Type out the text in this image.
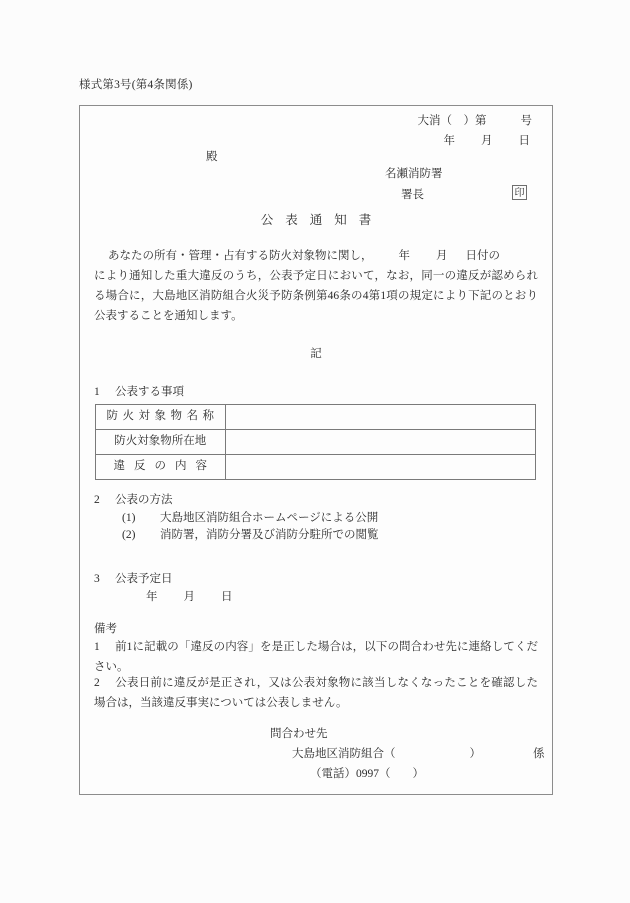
様式第3号(第4条関係)
大消（　）第	号
年 月 日
殿
名瀬消防署
署長	印
公表通知書
あなたの所有・管理・占有する防火対象物に関し， 年 月 日付の
により通知した重大違反のうち，公表予定日において，なお，同一の違反が認められる場合に，大島地区消防組合火災予防条例第46条の4第1項の規定により下記のとおり公表することを通知します。
記
1 公表する事項
防火対象物名称	
防火対象物所在地	
違反の内容	
2 公表の方法
(1) 大島地区消防組合ホームページによる公開
(2) 消防署，消防分署及び消防分駐所での閲覧
3 公表予定日
年 月 日
備考
1 前1に記載の「違反の内容」を是正した場合は，以下の問合わせ先に連絡してください。
2 公表日前に違反が是正され，又は公表対象物に該当しなくなったことを確認した場合は，当該違反事実については公表しません。
問合わせ先
大島地区消防組合（	）	係
（電話）0997（ ）
